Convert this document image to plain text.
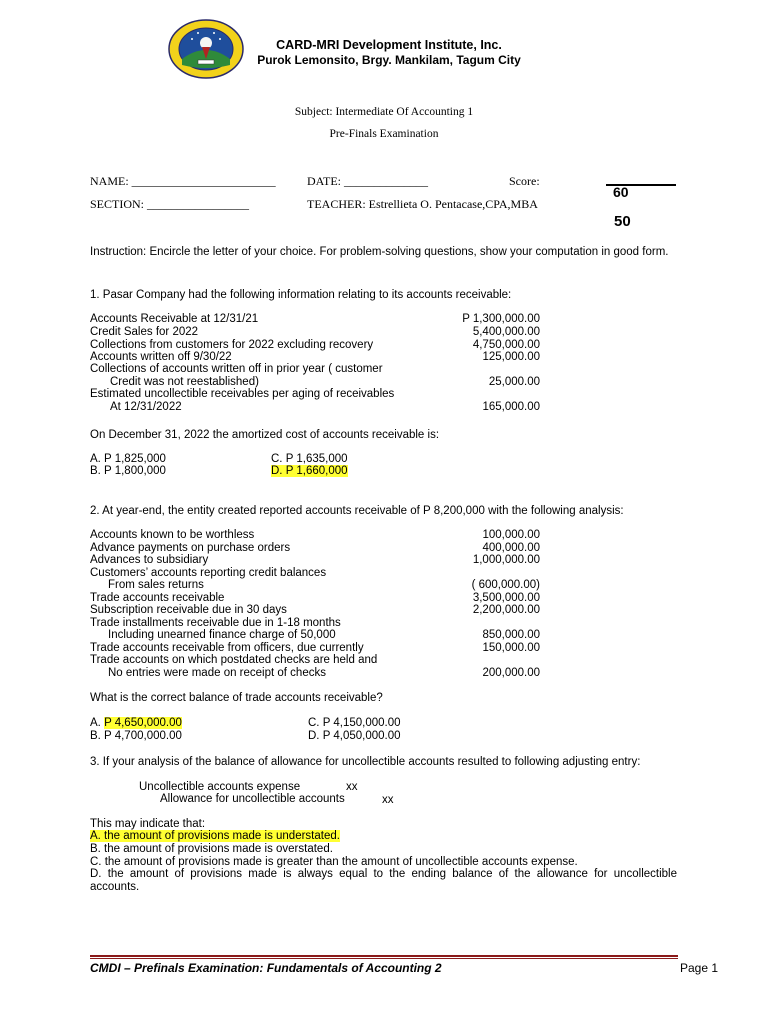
CARD-MRI Development Institute, Inc.
Purok Lemonsito, Brgy. Mankilam, Tagum City
Subject: Intermediate Of Accounting 1
Pre-Finals Examination
NAME: ________________________	DATE: ______________	Score:
60
50
SECTION: _________________	TEACHER: Estrellieta O. Pentacase,CPA,MBA
Instruction: Encircle the letter of your choice. For problem-solving questions, show your computation in good form.
1. Pasar Company had the following information relating to its accounts receivable:
Accounts Receivable at 12/31/21	P 1,300,000.00
Credit Sales for 2022	5,400,000.00
Collections from customers for 2022 excluding recovery	4,750,000.00
Accounts written off 9/30/22	125,000.00
Collections of accounts written off in prior year ( customer
Credit was not reestablished)	25,000.00
Estimated uncollectible receivables per aging of receivables
At 12/31/2022	165,000.00
On December 31, 2022 the amortized cost of accounts receivable is:
A. P 1,825,000
B. P 1,800,000
C. P 1,635,000
D. P 1,660,000
2. At year-end, the entity created reported accounts receivable of P 8,200,000 with the following analysis:
Accounts known to be worthless	100,000.00
Advance payments on purchase orders	400,000.00
Advances to subsidiary	1,000,000.00
Customers’ accounts reporting credit balances
From sales returns	( 600,000.00)
Trade accounts receivable	3,500,000.00
Subscription receivable due in 30 days	2,200,000.00
Trade installments receivable due in 1-18 months
Including unearned finance charge of 50,000	850,000.00
Trade accounts receivable from officers, due currently	150,000.00
Trade accounts on which postdated checks are held and
No entries were made on receipt of checks	200,000.00
What is the correct balance of trade accounts receivable?
A. P 4,650,000.00
B. P 4,700,000.00
C. P 4,150,000.00
D. P 4,050,000.00
3. If your analysis of the balance of allowance for uncollectible accounts resulted to following adjusting entry:
Uncollectible accounts expense	xx
Allowance for uncollectible accounts	xx
This may indicate that:
A. the amount of provisions made is understated.
B. the amount of provisions made is overstated.
C. the amount of provisions made is greater than the amount of uncollectible accounts expense.
D. the amount of provisions made is always equal to the ending balance of the allowance for uncollectible accounts.
CMDI – Prefinals Examination: Fundamentals of Accounting 2	Page 1
